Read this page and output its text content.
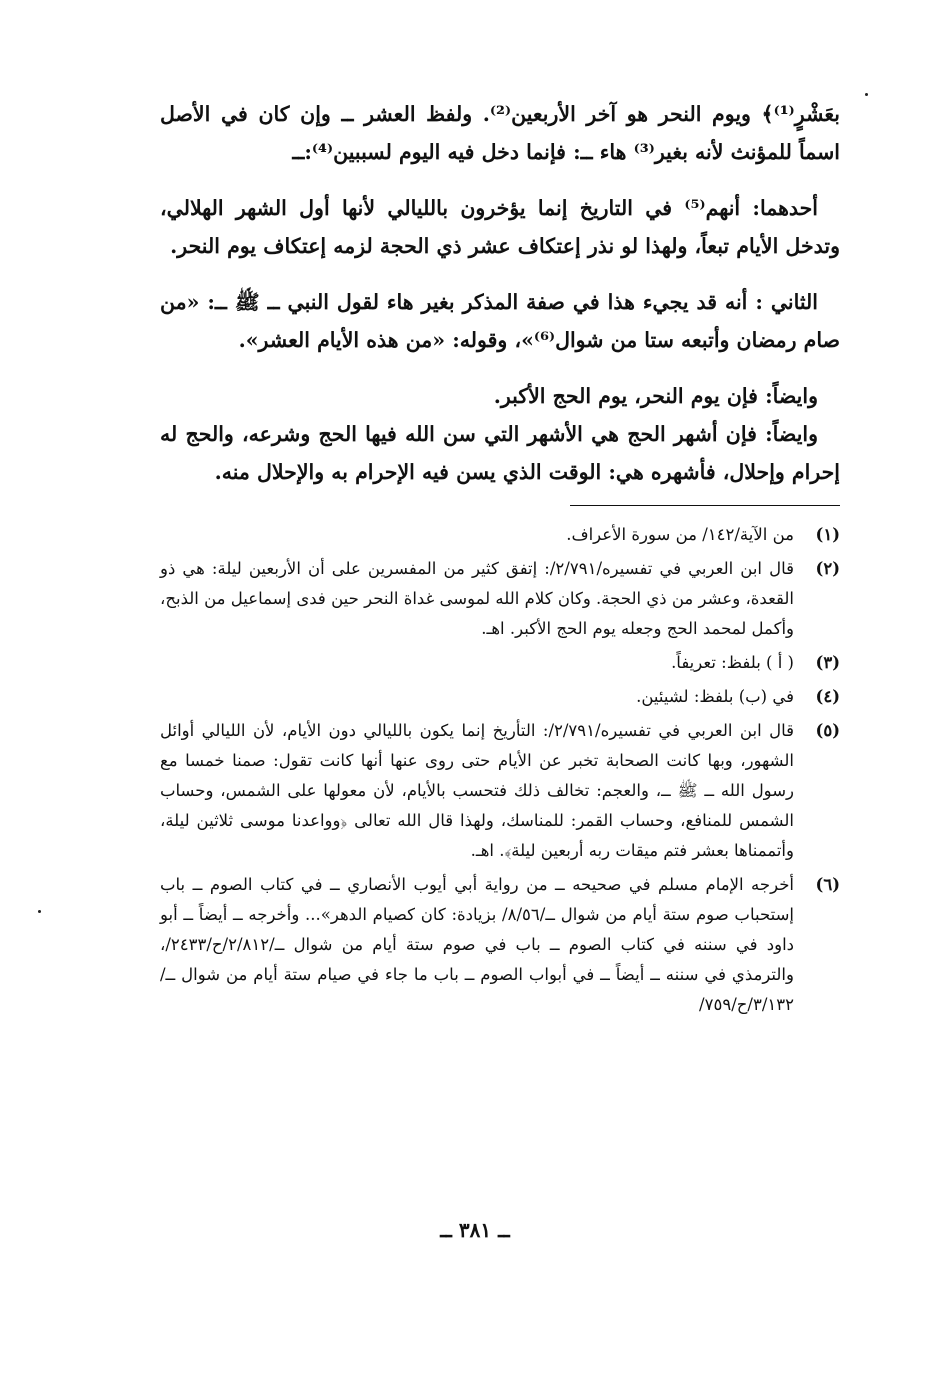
بعَشْرٍ⁽¹⁾﴾ ويوم النحر هو آخر الأربعين⁽²⁾. ولفظ العشر ــ وإن كان في الأصل اسماً للمؤنث لأنه بغير⁽³⁾ هاء ــ: فإنما دخل فيه اليوم لسببين⁽⁴⁾:ــ

أحدهما: أنهم⁽⁵⁾ في التاريخ إنما يؤخرون بالليالي لأنها أول الشهر الهلالي، وتدخل الأيام تبعاً، ولهذا لو نذر إعتكاف عشر ذي الحجة لزمه إعتكاف يوم النحر.

الثاني : أنه قد يجيء هذا في صفة المذكر بغير هاء لقول النبي ــ ﷺ ــ: «من صام رمضان وأتبعه ستا من شوال⁽⁶⁾»، وقوله: «من هذه الأيام العشر».

وايضاً: فإن يوم النحر، يوم الحج الأكبر.

وايضاً: فإن أشهر الحج هي الأشهر التي سن الله فيها الحج وشرعه، والحج له إحرام وإحلال، فأشهره هي: الوقت الذي يسن فيه الإحرام به والإحلال منه.

(١)
من الآية/١٤٢/ من سورة الأعراف.
(٢)
قال ابن العربي في تفسيره/٢/٧٩١/: إتفق كثير من المفسرين على أن الأربعين ليلة: هي ذو القعدة، وعشر من ذي الحجة. وكان كلام الله لموسى غداة النحر حين فدى إسماعيل من الذبح، وأكمل لمحمد الحج وجعله يوم الحج الأكبر. اهـ.
(٣)
( أ ) بلفظ: تعريفاً.
(٤)
في (ب) بلفظ: لشيئين.
(٥)
قال ابن العربي في تفسيره/٢/٧٩١/: التأريخ إنما يكون بالليالي دون الأيام، لأن الليالي أوائل الشهور، وبها كانت الصحابة تخبر عن الأيام حتى روى عنها أنها كانت تقول: صمنا خمسا مع رسول الله ــ ﷺ ــ، والعجم: تخالف ذلك فتحسب بالأيام، لأن معولها على الشمس، وحساب الشمس للمنافع، وحساب القمر: للمناسك، ولهذا قال الله تعالى ﴿وواعدنا موسى ثلاثين ليلة، وأتممناها بعشر فتم ميقات ربه أربعين ليلة﴾. اهـ.
(٦)
أخرجه الإمام مسلم في صحيحه ــ من رواية أبي أيوب الأنصاري ــ في كتاب الصوم ــ باب إستحباب صوم ستة أيام من شوال ــ/٨/٥٦/ بزيادة: كان كصيام الدهر»... وأخرجه ــ أيضاً ــ أبو داود في سننه في كتاب الصوم ــ باب في صوم ستة أيام من شوال ــ/٢/٨١٢/ح/٢٤٣٣/، والترمذي في سننه ــ أيضاً ــ في أبواب الصوم ــ باب ما جاء في صيام ستة أيام من شوال ــ/٣/١٣٢/ح/٧٥٩/
ــ ٣٨١ ــ
